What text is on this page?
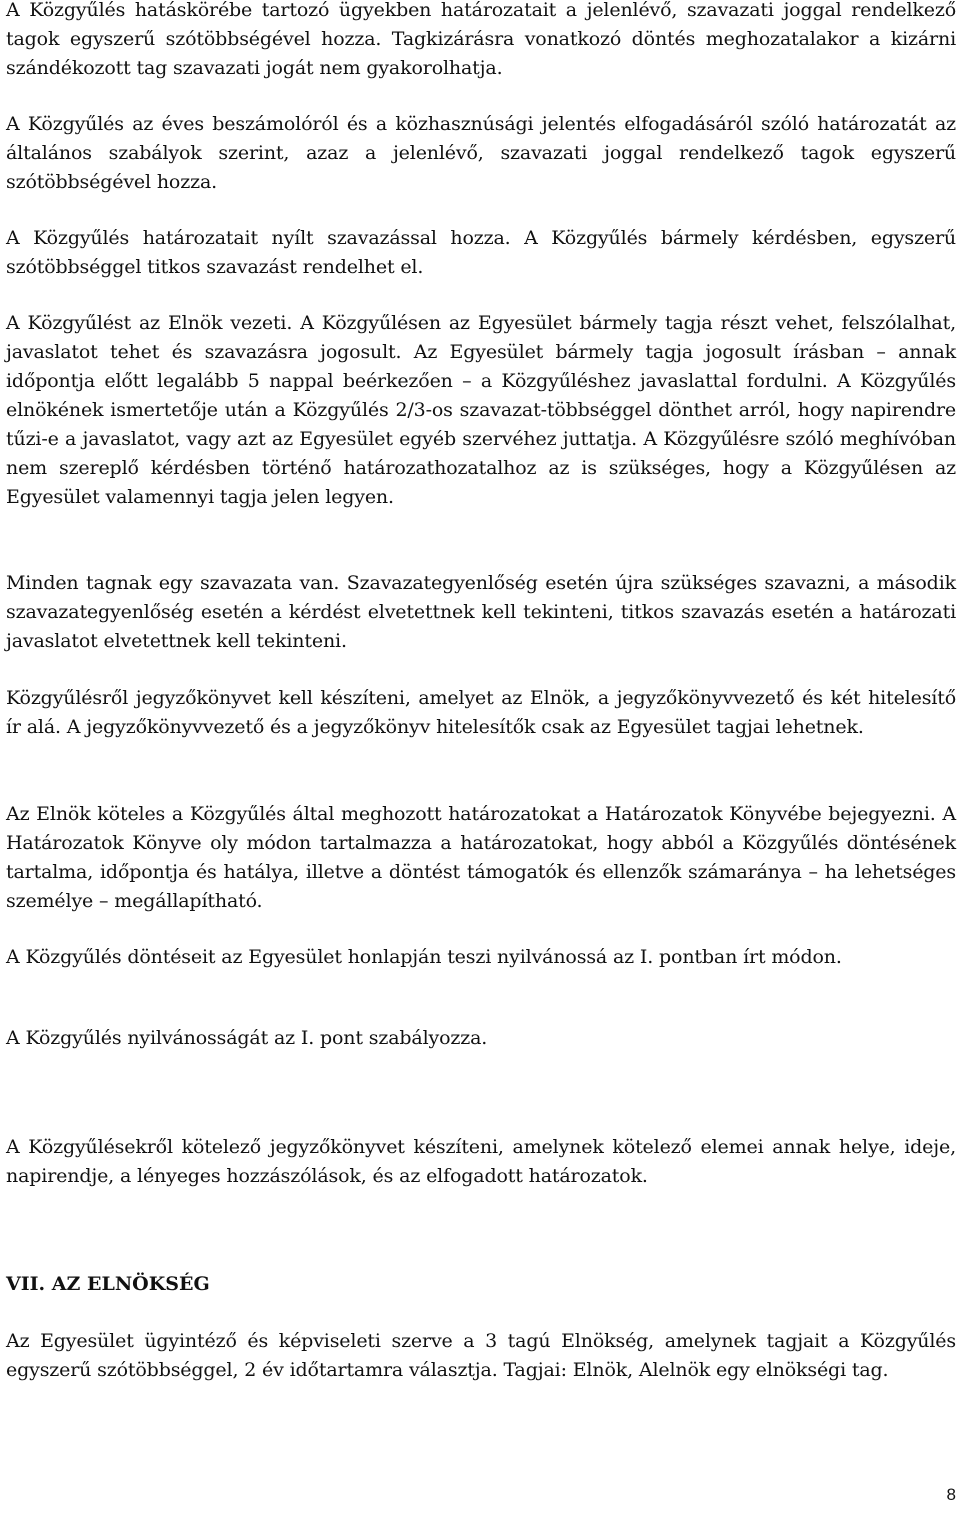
A Közgyűlés hatáskörébe tartozó ügyekben határozatait a jelenlévő, szavazati joggal rendelkező tagok egyszerű szótöbbségével hozza. Tagkizárásra vonatkozó döntés meghozatalakor a kizárni szándékozott tag szavazati jogát nem gyakorolhatja.

A Közgyűlés az éves beszámolóról és a közhasznúsági jelentés elfogadásáról szóló határozatát az általános szabályok szerint, azaz a jelenlévő, szavazati joggal rendelkező tagok egyszerű szótöbbségével hozza.

A Közgyűlés határozatait nyílt szavazással hozza. A Közgyűlés bármely kérdésben, egyszerű szótöbbséggel titkos szavazást rendelhet el.

A Közgyűlést az Elnök vezeti. A Közgyűlésen az Egyesület bármely tagja részt vehet, felszólalhat, javaslatot tehet és szavazásra jogosult. Az Egyesület bármely tagja jogosult írásban – annak időpontja előtt legalább 5 nappal beérkezően – a Közgyűléshez javaslattal fordulni. A Közgyűlés elnökének ismertetője után a Közgyűlés 2/3-os szavazat-többséggel dönthet arról, hogy napirendre tűzi-e a javaslatot, vagy azt az Egyesület egyéb szervéhez juttatja. A Közgyűlésre szóló meghívóban nem szereplő kérdésben történő határozathozatalhoz az is szükséges, hogy a Közgyűlésen az Egyesület valamennyi tagja jelen legyen.

Minden tagnak egy szavazata van. Szavazategyenlőség esetén újra szükséges szavazni, a második szavazategyenlőség esetén a kérdést elvetettnek kell tekinteni, titkos szavazás esetén a határozati javaslatot elvetettnek kell tekinteni.

Közgyűlésről jegyzőkönyvet kell készíteni, amelyet az Elnök, a jegyzőkönyvvezető és két hitelesítő ír alá. A jegyzőkönyvvezető és a jegyzőkönyv hitelesítők csak az Egyesület tagjai lehetnek.

Az Elnök köteles a Közgyűlés által meghozott határozatokat a Határozatok Könyvébe bejegyezni. A Határozatok Könyve oly módon tartalmazza a határozatokat, hogy abból a Közgyűlés döntésének tartalma, időpontja és hatálya, illetve a döntést támogatók és ellenzők számaránya – ha lehetséges személye – megállapítható.

A Közgyűlés döntéseit az Egyesület honlapján teszi nyilvánossá az I. pontban írt módon.

A Közgyűlés nyilvánosságát az I. pont szabályozza.

A Közgyűlésekről kötelező jegyzőkönyvet készíteni, amelynek kötelező elemei annak helye, ideje, napirendje, a lényeges hozzászólások, és az elfogadott határozatok.

VII. AZ ELNÖKSÉG

Az Egyesület ügyintéző és képviseleti szerve a 3 tagú Elnökség, amelynek tagjait a Közgyűlés egyszerű szótöbbséggel, 2 év időtartamra választja. Tagjai: Elnök, Alelnök egy elnökségi tag.

8
